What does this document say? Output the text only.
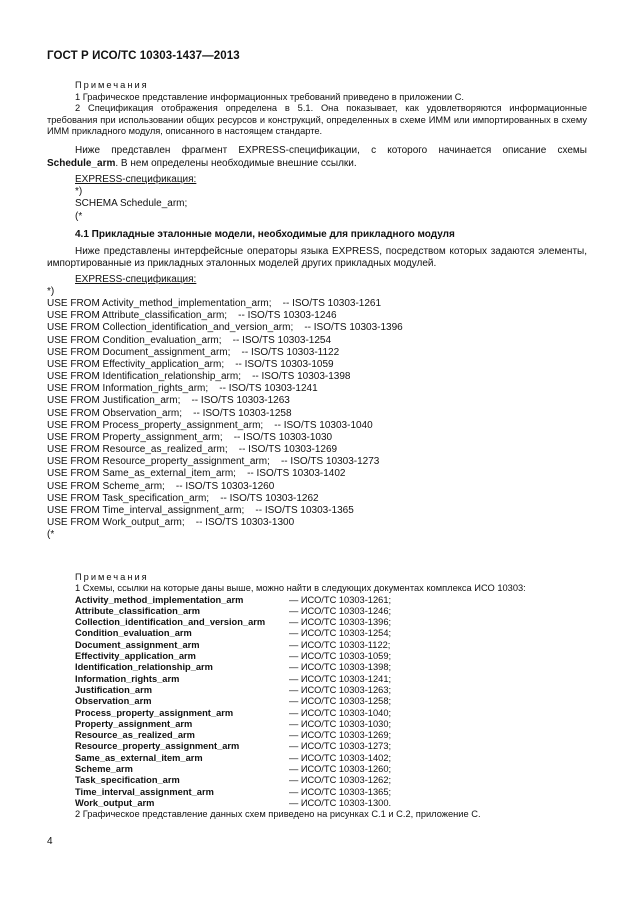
ГОСТ Р ИСО/ТС 10303-1437—2013
Примечания
1 Графическое представление информационных требований приведено в приложении C.
2 Спецификация отображения определена в 5.1. Она показывает, как удовлетворяются информационные требования при использовании общих ресурсов и конструкций, определенных в схеме ИММ или импортированных в схему ИММ прикладного модуля, описанного в настоящем стандарте.
Ниже представлен фрагмент EXPRESS-спецификации, с которого начинается описание схемы Schedule_arm. В нем определены необходимые внешние ссылки.
EXPRESS-спецификация:
*)
SCHEMA Schedule_arm;
(*
4.1 Прикладные эталонные модели, необходимые для прикладного модуля
Ниже представлены интерфейсные операторы языка EXPRESS, посредством которых задаются элементы, импортированные из прикладных эталонных моделей других прикладных модулей.
EXPRESS-спецификация:
*)
USE FROM Activity_method_implementation_arm;    -- ISO/TS 10303-1261
USE FROM Attribute_classification_arm;    -- ISO/TS 10303-1246
USE FROM Collection_identification_and_version_arm;    -- ISO/TS 10303-1396
USE FROM Condition_evaluation_arm;    -- ISO/TS 10303-1254
USE FROM Document_assignment_arm;    -- ISO/TS 10303-1122
USE FROM Effectivity_application_arm;    -- ISO/TS 10303-1059
USE FROM Identification_relationship_arm;    -- ISO/TS 10303-1398
USE FROM Information_rights_arm;    -- ISO/TS 10303-1241
USE FROM Justification_arm;    -- ISO/TS 10303-1263
USE FROM Observation_arm;    -- ISO/TS 10303-1258
USE FROM Process_property_assignment_arm;    -- ISO/TS 10303-1040
USE FROM Property_assignment_arm;    -- ISO/TS 10303-1030
USE FROM Resource_as_realized_arm;    -- ISO/TS 10303-1269
USE FROM Resource_property_assignment_arm;    -- ISO/TS 10303-1273
USE FROM Same_as_external_item_arm;    -- ISO/TS 10303-1402
USE FROM Scheme_arm;    -- ISO/TS 10303-1260
USE FROM Task_specification_arm;    -- ISO/TS 10303-1262
USE FROM Time_interval_assignment_arm;    -- ISO/TS 10303-1365
USE FROM Work_output_arm;    -- ISO/TS 10303-1300
(*
Примечания
1 Схемы, ссылки на которые даны выше, можно найти в следующих документах комплекса ИСО 10303:
Activity_method_implementation_arm	— ИСО/ТС 10303-1261;
Attribute_classification_arm	— ИСО/ТС 10303-1246;
Collection_identification_and_version_arm	— ИСО/ТС 10303-1396;
Condition_evaluation_arm	— ИСО/ТС 10303-1254;
Document_assignment_arm	— ИСО/ТС 10303-1122;
Effectivity_application_arm	— ИСО/ТС 10303-1059;
Identification_relationship_arm	— ИСО/ТС 10303-1398;
Information_rights_arm	— ИСО/ТС 10303-1241;
Justification_arm	— ИСО/ТС 10303-1263;
Observation_arm	— ИСО/ТС 10303-1258;
Process_property_assignment_arm	— ИСО/ТС 10303-1040;
Property_assignment_arm	— ИСО/ТС 10303-1030;
Resource_as_realized_arm	— ИСО/ТС 10303-1269;
Resource_property_assignment_arm	— ИСО/ТС 10303-1273;
Same_as_external_item_arm	— ИСО/ТС 10303-1402;
Scheme_arm	— ИСО/ТС 10303-1260;
Task_specification_arm	— ИСО/ТС 10303-1262;
Time_interval_assignment_arm	— ИСО/ТС 10303-1365;
Work_output_arm	— ИСО/ТС 10303-1300.
2 Графическое представление данных схем приведено на рисунках C.1 и C.2, приложение C.
4
